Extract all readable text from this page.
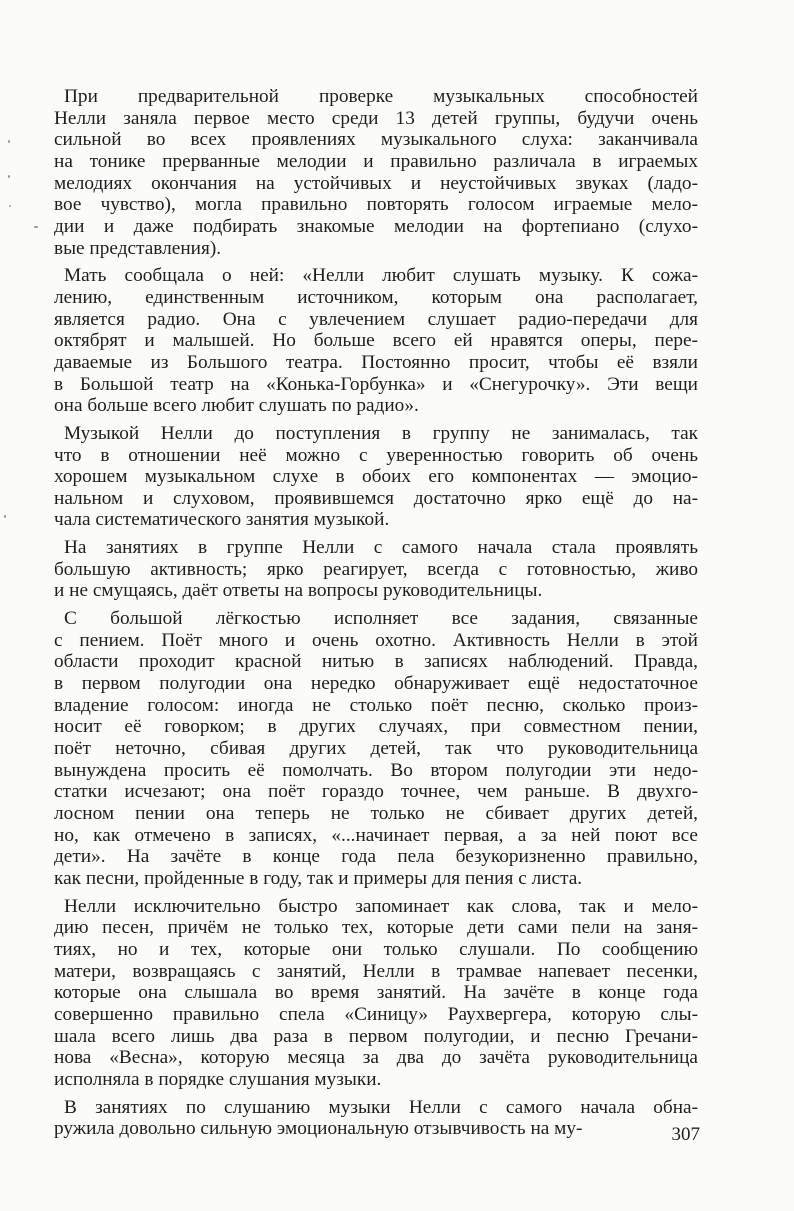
При предварительной проверке музыкальных способностей
Нелли заняла первое место среди 13 детей группы, будучи очень
сильной во всех проявлениях музыкального слуха: заканчивала
на тонике прерванные мелодии и правильно различала в играемых
мелодиях окончания на устойчивых и неустойчивых звуках (ладо-
вое чувство), могла правильно повторять голосом играемые мело-
дии и даже подбирать знакомые мелодии на фортепиано (слухо-
вые представления).
Мать сообщала о ней: «Нелли любит слушать музыку. К сожа-
лению, единственным источником, которым она располагает,
является радио. Она с увлечением слушает радио-передачи для
октябрят и малышей. Но больше всего ей нравятся оперы, пере-
даваемые из Большого театра. Постоянно просит, чтобы её взяли
в Большой театр на «Конька-Горбунка» и «Снегурочку». Эти вещи
она больше всего любит слушать по радио».
Музыкой Нелли до поступления в группу не занималась, так
что в отношении неё можно с уверенностью говорить об очень
хорошем музыкальном слухе в обоих его компонентах — эмоцио-
нальном и слуховом, проявившемся достаточно ярко ещё до на-
чала систематического занятия музыкой.
На занятиях в группе Нелли с самого начала стала проявлять
большую активность; ярко реагирует, всегда с готовностью, живо
и не смущаясь, даёт ответы на вопросы руководительницы.
С большой лёгкостью исполняет все задания, связанные
с пением. Поёт много и очень охотно. Активность Нелли в этой
области проходит красной нитью в записях наблюдений. Правда,
в первом полугодии она нередко обнаруживает ещё недостаточное
владение голосом: иногда не столько поёт песню, сколько произ-
носит её говорком; в других случаях, при совместном пении,
поёт неточно, сбивая других детей, так что руководительница
вынуждена просить её помолчать. Во втором полугодии эти недо-
статки исчезают; она поёт гораздо точнее, чем раньше. В двухго-
лосном пении она теперь не только не сбивает других детей,
но, как отмечено в записях, «...начинает первая, а за ней поют все
дети». На зачёте в конце года пела безукоризненно правильно,
как песни, пройденные в году, так и примеры для пения с листа.
Нелли исключительно быстро запоминает как слова, так и мело-
дию песен, причём не только тех, которые дети сами пели на заня-
тиях, но и тех, которые они только слушали. По сообщению
матери, возвращаясь с занятий, Нелли в трамвае напевает песенки,
которые она слышала во время занятий. На зачёте в конце года
совершенно правильно спела «Синицу» Раухвергера, которую слы-
шала всего лишь два раза в первом полугодии, и песню Гречани-
нова «Весна», которую месяца за два до зачёта руководительница
исполняла в порядке слушания музыки.
В занятиях по слушанию музыки Нелли с самого начала обна-
ружила довольно сильную эмоциональную отзывчивость на му-	307
